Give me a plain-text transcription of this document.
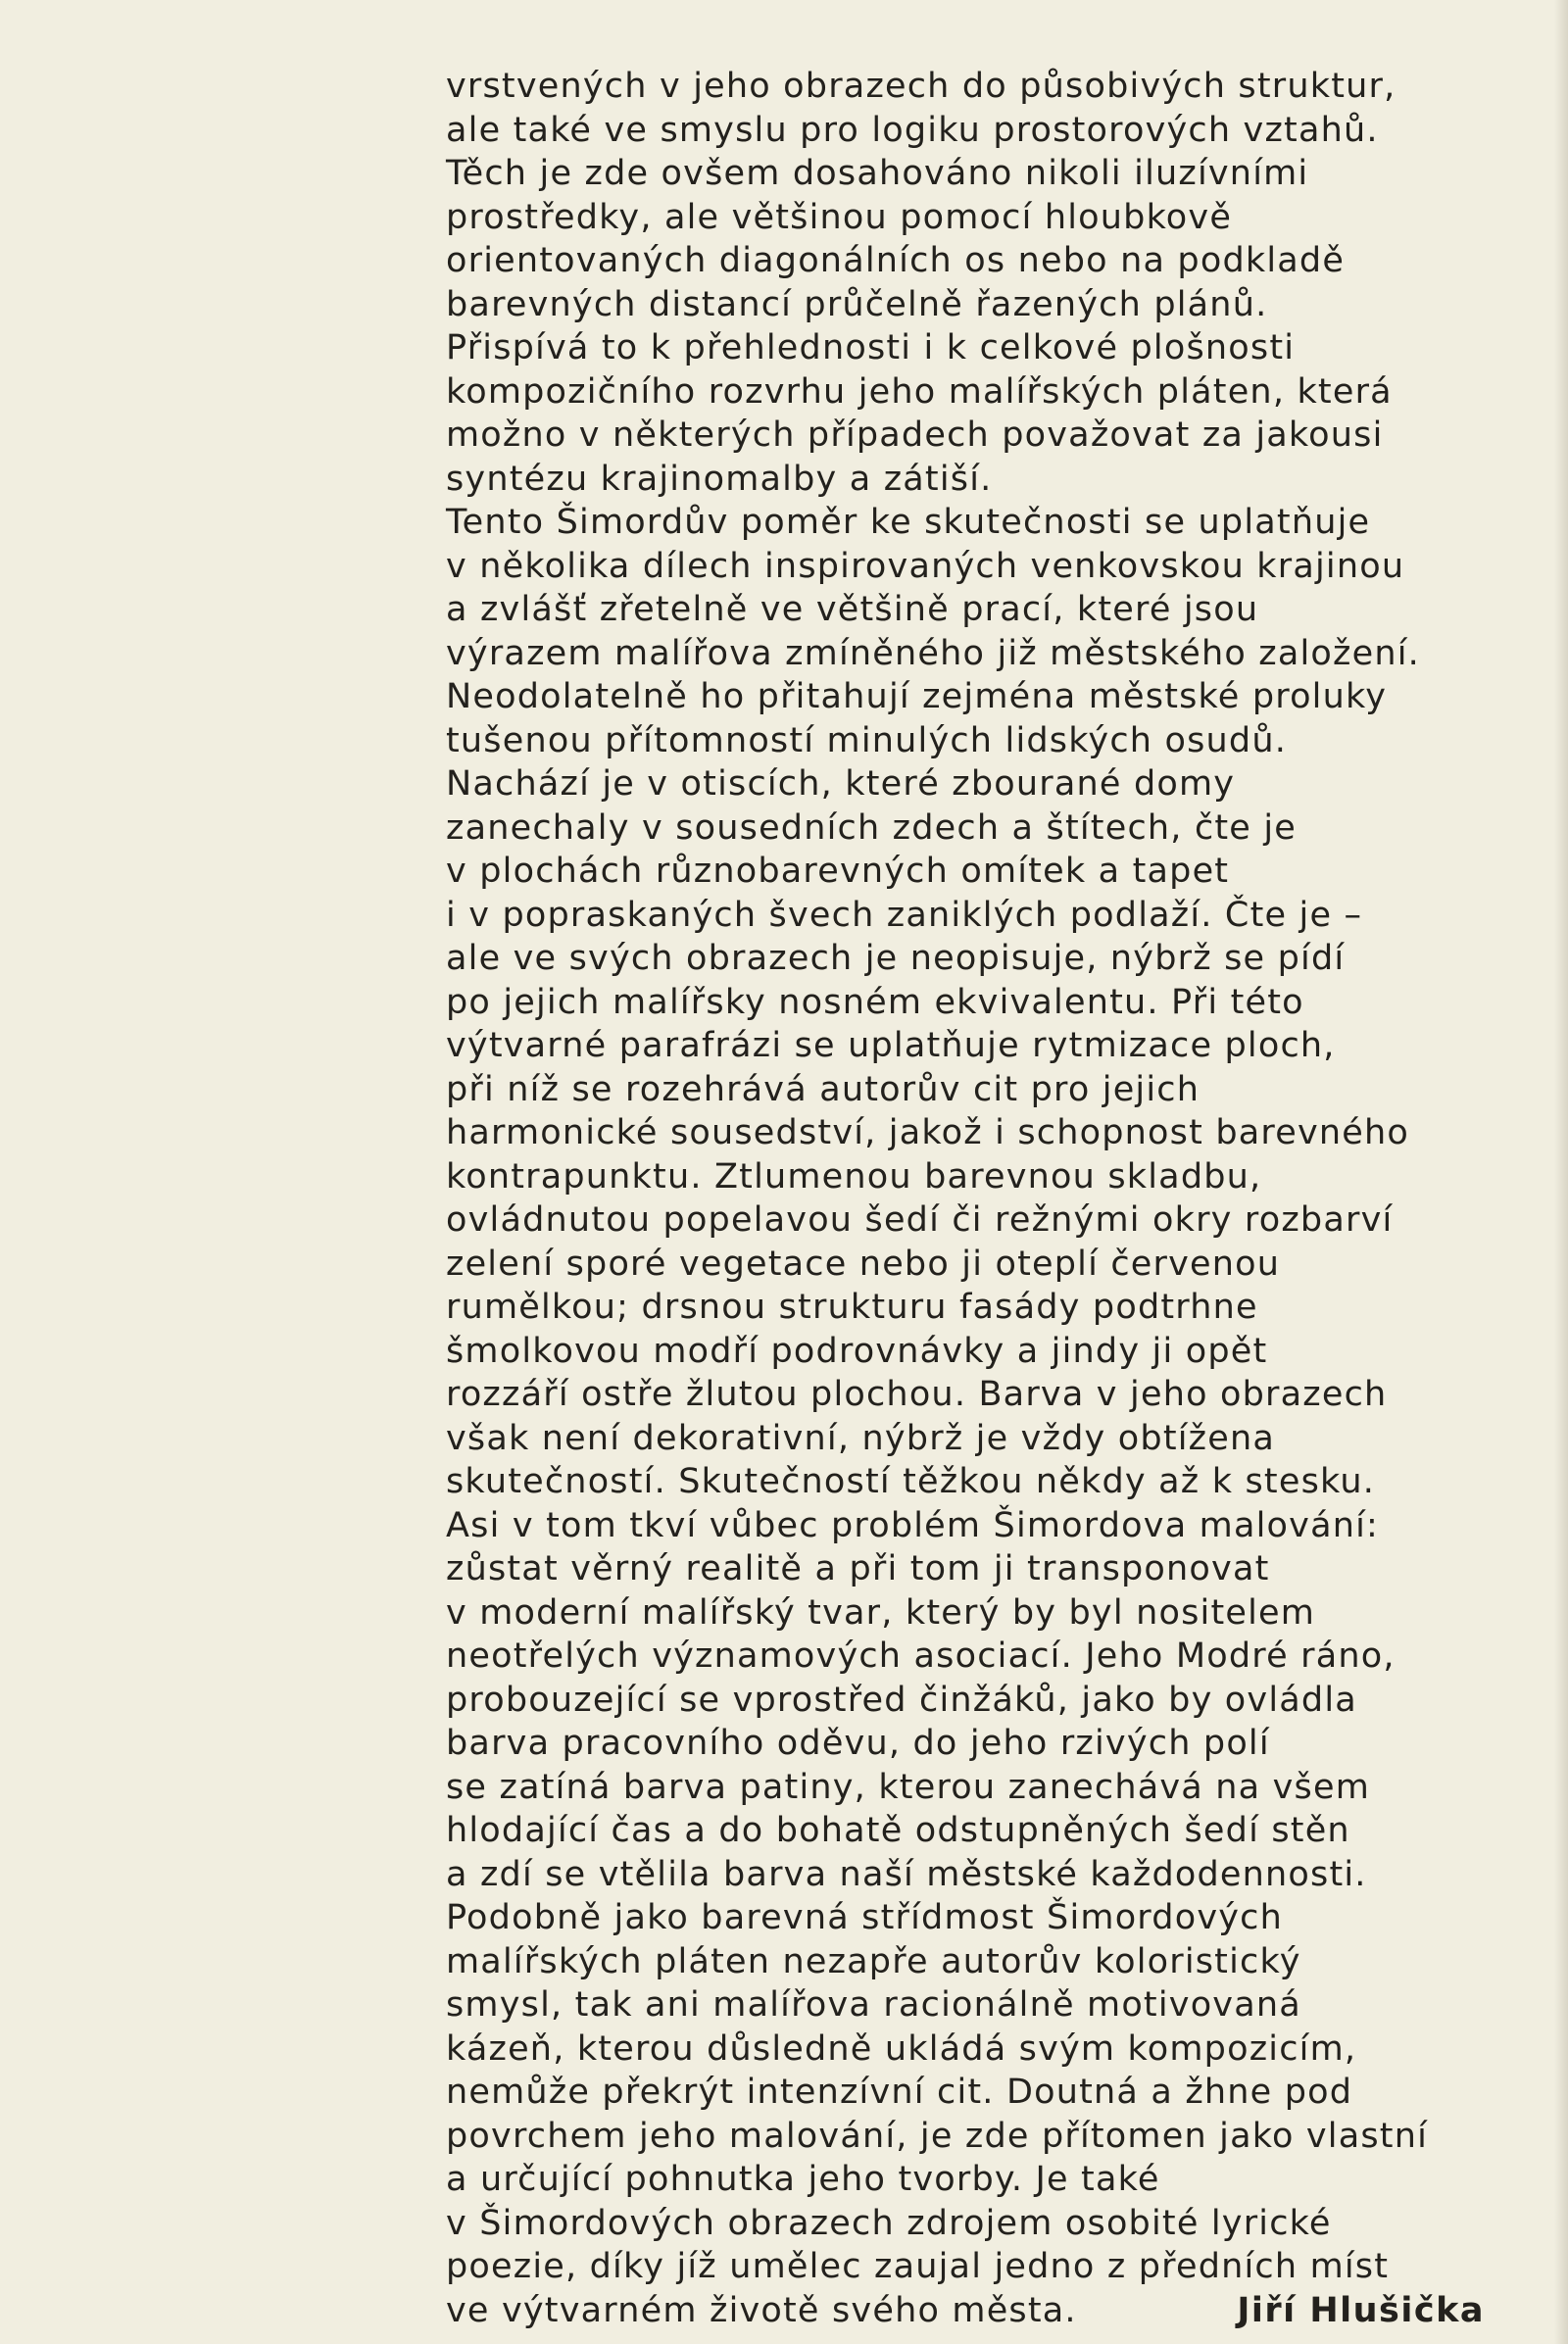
vrstvených v jeho obrazech do působivých struktur,
ale také ve smyslu pro logiku prostorových vztahů.
Těch je zde ovšem dosahováno nikoli iluzívními
prostředky, ale většinou pomocí hloubkově
orientovaných diagonálních os nebo na podkladě
barevných distancí průčelně řazených plánů.
Přispívá to k přehlednosti i k celkové plošnosti
kompozičního rozvrhu jeho malířských pláten, která
možno v některých případech považovat za jakousi
syntézu krajinomalby a zátiší.
Tento Šimordův poměr ke skutečnosti se uplatňuje
v několika dílech inspirovaných venkovskou krajinou
a zvlášť zřetelně ve většině prací, které jsou
výrazem malířova zmíněného již městského založení.
Neodolatelně ho přitahují zejména městské proluky
tušenou přítomností minulých lidských osudů.
Nachází je v otiscích, které zbourané domy
zanechaly v sousedních zdech a štítech, čte je
v plochách různobarevných omítek a tapet
i v popraskaných švech zaniklých podlaží. Čte je –
ale ve svých obrazech je neopisuje, nýbrž se pídí
po jejich malířsky nosném ekvivalentu. Při této
výtvarné parafrázi se uplatňuje rytmizace ploch,
při níž se rozehrává autorův cit pro jejich
harmonické sousedství, jakož i schopnost barevného
kontrapunktu. Ztlumenou barevnou skladbu,
ovládnutou popelavou šedí či režnými okry rozbarví
zelení sporé vegetace nebo ji oteplí červenou
rumělkou; drsnou strukturu fasády podtrhne
šmolkovou modří podrovnávky a jindy ji opět
rozzáří ostře žlutou plochou. Barva v jeho obrazech
však není dekorativní, nýbrž je vždy obtížena
skutečností. Skutečností těžkou někdy až k stesku.
Asi v tom tkví vůbec problém Šimordova malování:
zůstat věrný realitě a při tom ji transponovat
v moderní malířský tvar, který by byl nositelem
neotřelých významových asociací. Jeho Modré ráno,
probouzející se vprostřed činžáků, jako by ovládla
barva pracovního oděvu, do jeho rzivých polí
se zatíná barva patiny, kterou zanechává na všem
hlodající čas a do bohatě odstupněných šedí stěn
a zdí se vtělila barva naší městské každodennosti.
Podobně jako barevná střídmost Šimordových
malířských pláten nezapře autorův koloristický
smysl, tak ani malířova racionálně motivovaná
kázeň, kterou důsledně ukládá svým kompozicím,
nemůže překrýt intenzívní cit. Doutná a žhne pod
povrchem jeho malování, je zde přítomen jako vlastní
a určující pohnutka jeho tvorby. Je také
v Šimordových obrazech zdrojem osobité lyrické
poezie, díky jíž umělec zaujal jedno z předních míst
ve výtvarném životě svého města.	Jiří Hlušička
